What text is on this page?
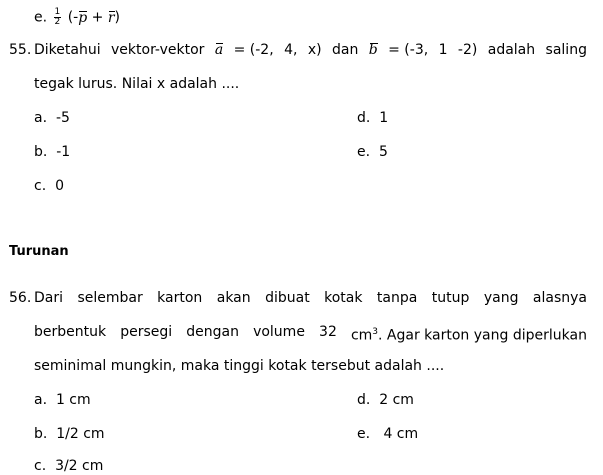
e. $\frac{1}{2} (-p + r)$
55. Diketahui vektor-vektor a = (-2, 4, x) dan b = (-3, 1 -2) adalah saling
tegak lurus. Nilai x adalah ....
a. -5
b. -1
c. 0
d. 1
e. 5
Turunan
56. Dari selembar karton akan dibuat kotak tanpa tutup yang alasnya
berbentuk persegi dengan volume 32 $cm^3$. Agar karton yang diperlukan
seminimal mungkin, maka tinggi kotak tersebut adalah ....
a. 1 cm
b. 1/2 cm
c. 3/2 cm
d. 2 cm
e. 4 cm
